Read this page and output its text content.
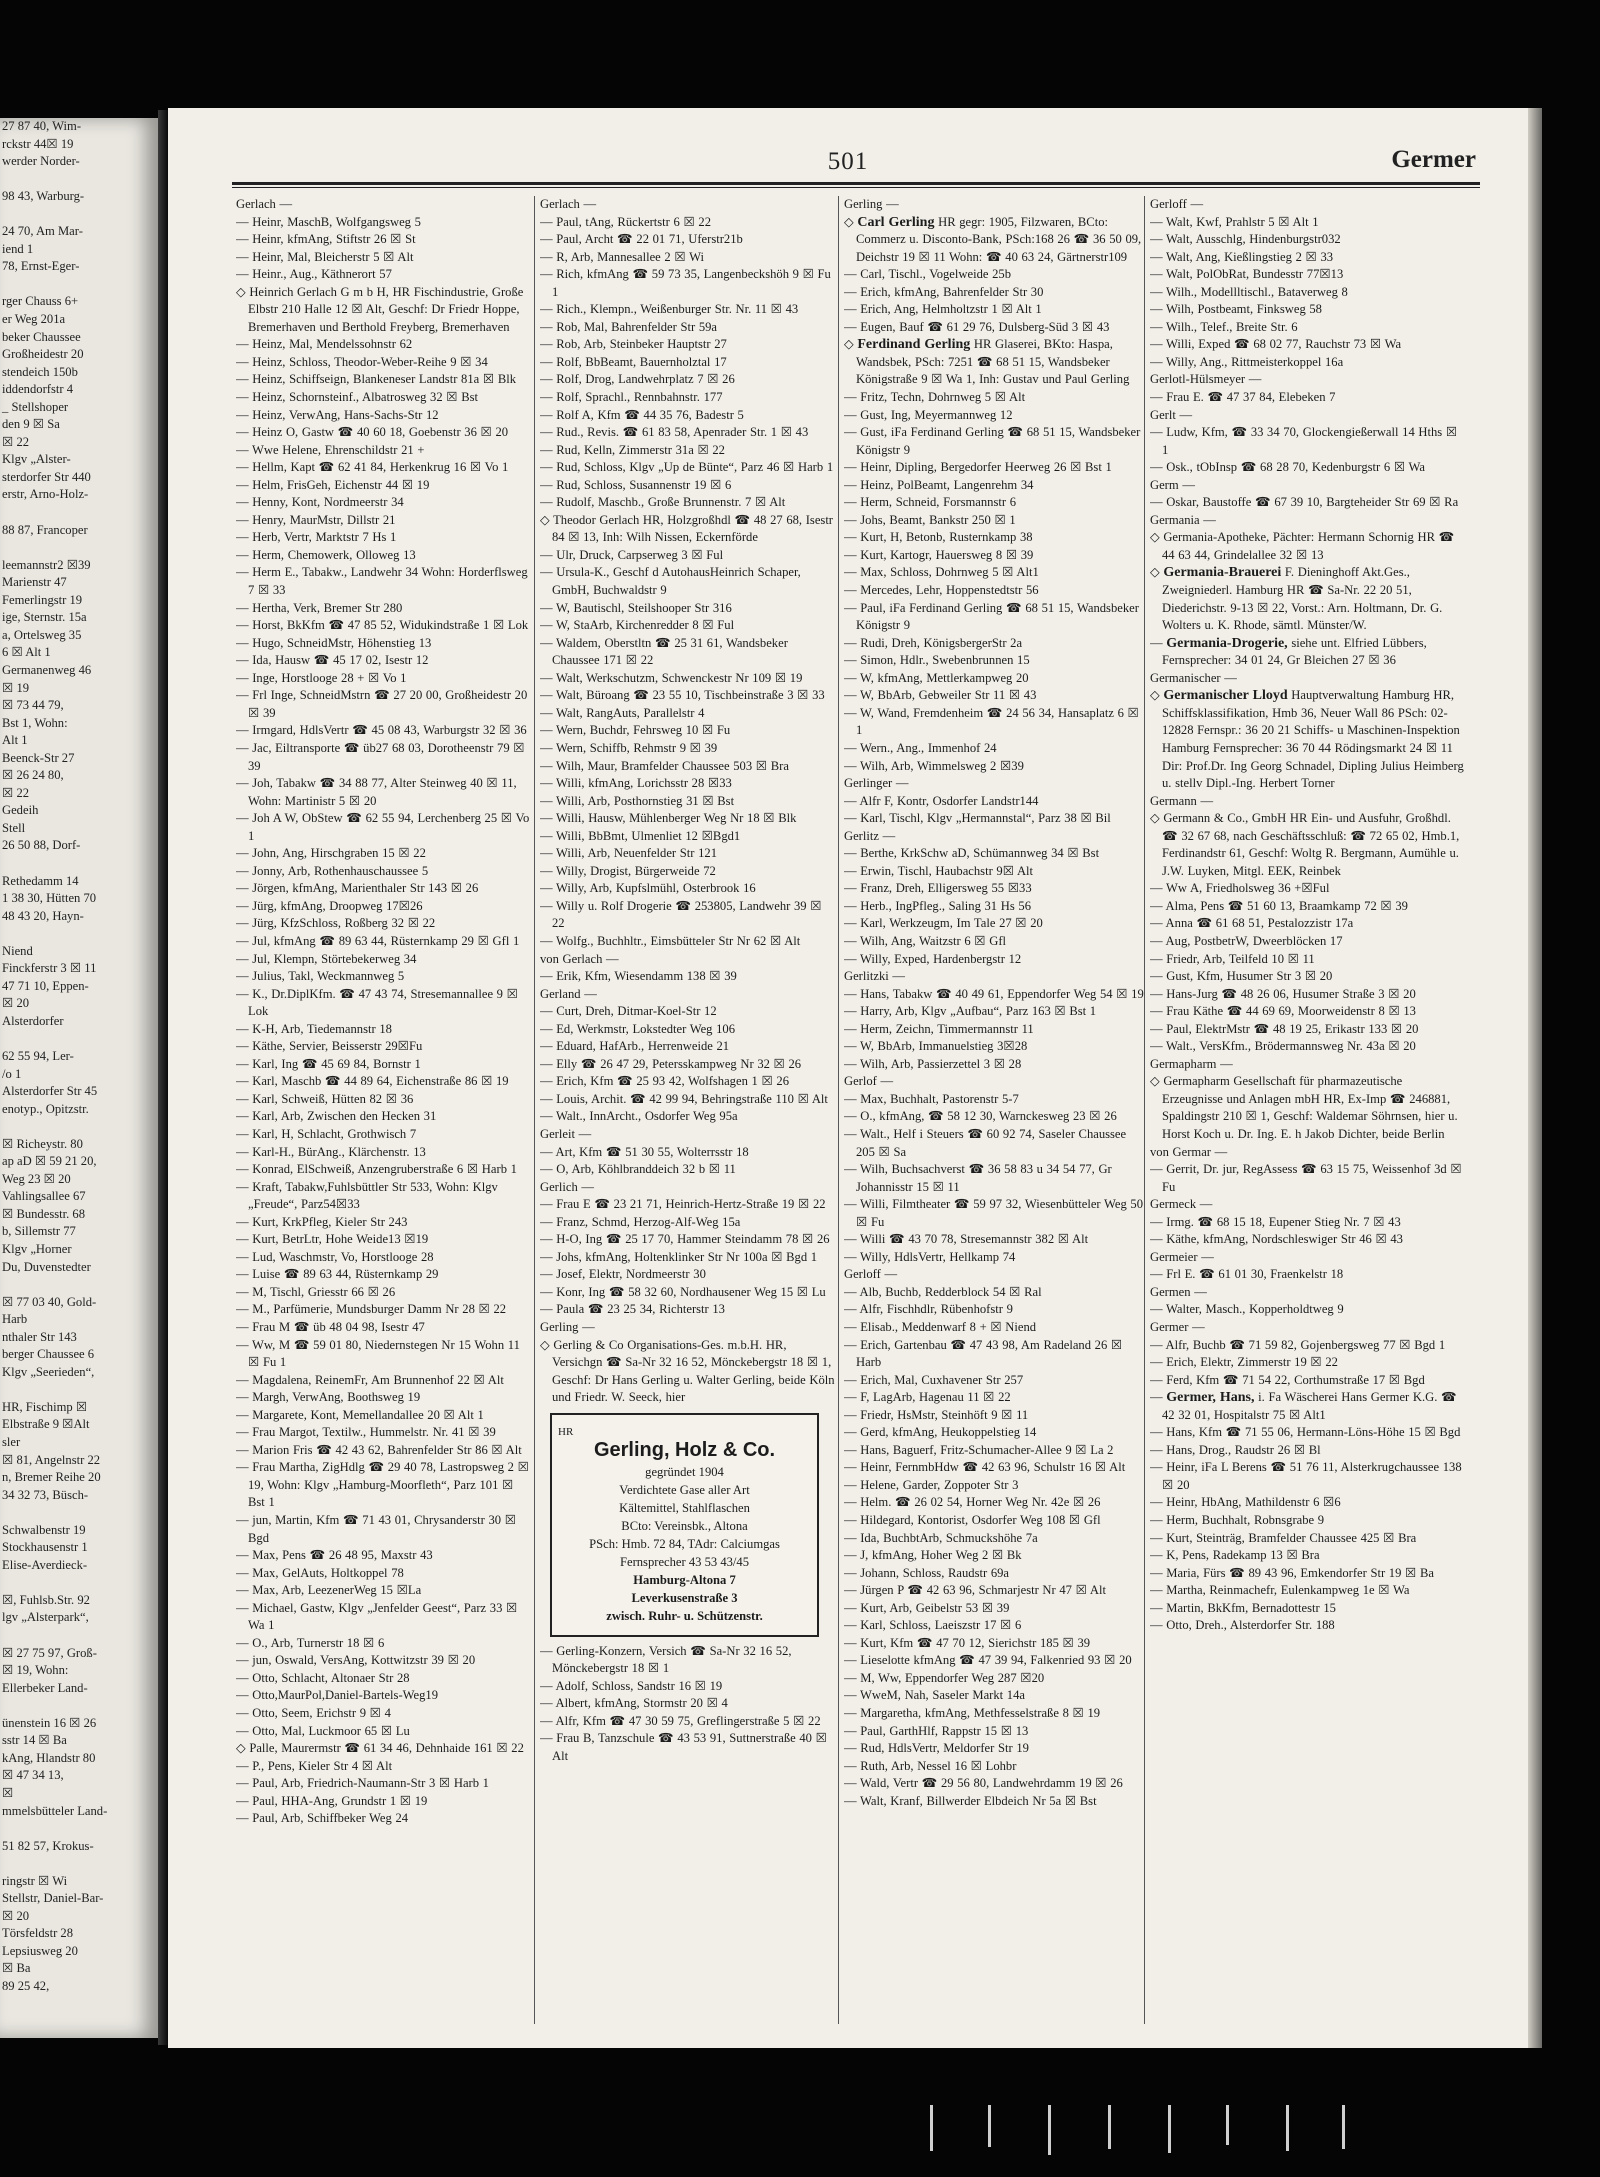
27 87 40, Wim-
rckstr 44☒ 19
werder Norder-

98 43, Warburg-

24 70, Am Mar-
iend 1
78, Ernst-Eger-

rger Chauss 6+
er Weg 201a
beker Chaussee
Großheidestr 20
stendeich 150b
iddendorfstr 4
_ Stellshoper
den 9 ☒ Sa
☒ 22
Klgv „Alster-
sterdorfer Str 440
erstr, Arno-Holz-

88 87, Francoper

leemannstr2 ☒39
Marienstr 47
Femerlingstr 19
ige, Sternstr. 15a
a, Ortelsweg 35
6 ☒ Alt 1
Germanenweg 46
☒ 19
☒ 73 44 79,
Bst 1, Wohn:
Alt 1
Beenck-Str 27
☒ 26 24 80,
☒ 22
Gedeih
Stell
26 50 88, Dorf-

Rethedamm 14
1 38 30, Hütten 70
48 43 20, Hayn-

Niend
Finckferstr 3 ☒ 11
47 71 10, Eppen-
☒ 20
Alsterdorfer

62 55 94, Ler-
/o 1
Alsterdorfer Str 45
enotyp., Opitzstr.

☒ Richeystr. 80
ap aD ☒ 59 21 20,
Weg 23 ☒ 20
Vahlingsallee 67
☒ Bundesstr. 68
b, Sillemstr 77
Klgv „Horner
Du, Duvenstedter

☒ 77 03 40, Gold-
Harb
nthaler Str 143
berger Chaussee 6
Klgv „Seerieden“,

HR, Fischimp ☒
Elbstraße 9 ☒Alt
sler
☒ 81, Angelnstr 22
n, Bremer Reihe 20
34 32 73, Büsch-

Schwalbenstr 19
Stockhausenstr 1
Elise-Averdieck-

☒, Fuhlsb.Str. 92
lgv „Alsterpark“,

☒ 27 75 97, Groß-
☒ 19, Wohn:
Ellerbeker Land-

ünenstein 16 ☒ 26
sstr 14 ☒ Ba
kAng, Hlandstr 80
☒ 47 34 13,
☒
mmelsbütteler Land-

51 82 57, Krokus-

ringstr ☒ Wi
Stellstr, Daniel-Bar-
☒ 20
Törsfeldstr 28
Lepsiusweg 20
☒ Ba
89 25 42,
501	Germer
Gerlach —
— Heinr, MaschB, Wolfgangsweg 5
— Heinr, kfmAng, Stiftstr 26 ☒ St
— Heinr, Mal, Bleicherstr 5 ☒ Alt
— Heinr., Aug., Käthnerort 57
◇ Heinrich Gerlach G m b H, HR Fischindustrie, Große Elbstr 210 Halle 12 ☒ Alt, Geschf: Dr Friedr Hoppe, Bremerhaven und Berthold Freyberg, Bremerhaven
— Heinz, Mal, Mendelssohnstr 62
— Heinz, Schloss, Theodor-Weber-Reihe 9 ☒ 34
— Heinz, Schiffseign, Blankeneser Landstr 81a ☒ Blk
— Heinz, Schornsteinf., Albatrosweg 32 ☒ Bst
— Heinz, VerwAng, Hans-Sachs-Str 12
— Heinz O, Gastw ☎ 40 60 18, Goebenstr 36 ☒ 20
— Wwe Helene, Ehrenschildstr 21 +
— Hellm, Kapt ☎ 62 41 84, Herkenkrug 16 ☒ Vo 1
— Helm, FrisGeh, Eichenstr 44 ☒ 19
— Henny, Kont, Nordmeerstr 34
— Henry, MaurMstr, Dillstr 21
— Herb, Vertr, Marktstr 7 Hs 1
— Herm, Chemowerk, Olloweg 13
— Herm E., Tabakw., Landwehr 34 Wohn: Horderflsweg 7 ☒ 33
— Hertha, Verk, Bremer Str 280
— Horst, BkKfm ☎ 47 85 52, Widukindstraße 1 ☒ Lok
— Hugo, SchneidMstr, Höhenstieg 13
— Ida, Hausw ☎ 45 17 02, Isestr 12
— Inge, Horstlooge 28 + ☒ Vo 1
— Frl Inge, SchneidMstrn ☎ 27 20 00, Großheidestr 20 ☒ 39
— Irmgard, HdlsVertr ☎ 45 08 43, Warburgstr 32 ☒ 36
— Jac, Eiltransporte ☎ üb27 68 03, Dorotheenstr 79 ☒ 39
— Joh, Tabakw ☎ 34 88 77, Alter Steinweg 40 ☒ 11, Wohn: Martinistr 5 ☒ 20
— Joh A W, ObStew ☎ 62 55 94, Lerchenberg 25 ☒ Vo 1
— John, Ang, Hirschgraben 15 ☒ 22
— Jonny, Arb, Rothenhauschaussee 5
— Jörgen, kfmAng, Marienthaler Str 143 ☒ 26
— Jürg, kfmAng, Droopweg 17☒26
— Jürg, KfzSchloss, Roßberg 32 ☒ 22
— Jul, kfmAng ☎ 89 63 44, Rüsternkamp 29 ☒ Gfl 1
— Jul, Klempn, Störtebekerweg 34
— Julius, Takl, Weckmannweg 5
— K., Dr.DiplKfm. ☎ 47 43 74, Stresemannallee 9 ☒ Lok
— K-H, Arb, Tiedemannstr 18
— Käthe, Servier, Beisserstr 29☒Fu
— Karl, Ing ☎ 45 69 84, Bornstr 1
— Karl, Maschb ☎ 44 89 64, Eichenstraße 86 ☒ 19
— Karl, Schweiß, Hütten 82 ☒ 36
— Karl, Arb, Zwischen den Hecken 31
— Karl, H, Schlacht, Grothwisch 7
— Karl-H., BürAng., Klärchenstr. 13
— Konrad, ElSchweiß, Anzengruberstraße 6 ☒ Harb 1
— Kraft, Tabakw,Fuhlsbüttler Str 533, Wohn: Klgv „Freude“, Parz54☒33
— Kurt, KrkPfleg, Kieler Str 243
— Kurt, BetrLtr, Hohe Weide13 ☒19
— Lud, Waschmstr, Vo, Horstlooge 28
— Luise ☎ 89 63 44, Rüsternkamp 29
— M, Tischl, Griesstr 66 ☒ 26
— M., Parfümerie, Mundsburger Damm Nr 28 ☒ 22
— Frau M ☎ üb 48 04 98, Isestr 47
— Ww, M ☎ 59 01 80, Niedernstegen Nr 15 Wohn 11 ☒ Fu 1
— Magdalena, ReinemFr, Am Brunnenhof 22 ☒ Alt
— Margh, VerwAng, Boothsweg 19
— Margarete, Kont, Memellandallee 20 ☒ Alt 1
— Frau Margot, Textilw., Hummelstr. Nr. 41 ☒ 39
— Marion Fris ☎ 42 43 62, Bahrenfelder Str 86 ☒ Alt
— Frau Martha, ZigHdlg ☎ 29 40 78, Lastropsweg 2 ☒ 19, Wohn: Klgv „Hamburg-Moorfleth“, Parz 101 ☒ Bst 1
— jun, Martin, Kfm ☎ 71 43 01, Chrysanderstr 30 ☒ Bgd
— Max, Pens ☎ 26 48 95, Maxstr 43
— Max, GelAuts, Holtkoppel 78
— Max, Arb, LeezenerWeg 15 ☒La
— Michael, Gastw, Klgv „Jenfelder Geest“, Parz 33 ☒ Wa 1
— O., Arb, Turnerstr 18 ☒ 6
— jun, Oswald, VersAng, Kottwitzstr 39 ☒ 20
— Otto, Schlacht, Altonaer Str 28
— Otto,MaurPol,Daniel-Bartels-Weg19
— Otto, Seem, Erichstr 9 ☒ 4
— Otto, Mal, Luckmoor 65 ☒ Lu
◇ Palle, Maurermstr ☎ 61 34 46, Dehnhaide 161 ☒ 22
— P., Pens, Kieler Str 4 ☒ Alt
— Paul, Arb, Friedrich-Naumann-Str 3 ☒ Harb 1
— Paul, HHA-Ang, Grundstr 1 ☒ 19
— Paul, Arb, Schiffbeker Weg 24
Gerlach —
— Paul, tAng, Rückertstr 6 ☒ 22
— Paul, Archt ☎ 22 01 71, Uferstr21b
— R, Arb, Mannesallee 2 ☒ Wi
— Rich, kfmAng ☎ 59 73 35, Langenbeckshöh 9 ☒ Fu 1
— Rich., Klempn., Weißenburger Str. Nr. 11 ☒ 43
— Rob, Mal, Bahrenfelder Str 59a
— Rob, Arb, Steinbeker Hauptstr 27
— Rolf, BbBeamt, Bauernholztal 17
— Rolf, Drog, Landwehrplatz 7 ☒ 26
— Rolf, Sprachl., Rennbahnstr. 177
— Rolf A, Kfm ☎ 44 35 76, Badestr 5
— Rud., Revis. ☎ 61 83 58, Apenrader Str. 1 ☒ 43
— Rud, Kelln, Zimmerstr 31a ☒ 22
— Rud, Schloss, Klgv „Up de Bünte“, Parz 46 ☒ Harb 1
— Rud, Schloss, Susannenstr 19 ☒ 6
— Rudolf, Maschb., Große Brunnenstr. 7 ☒ Alt
◇ Theodor Gerlach HR, Holzgroßhdl ☎ 48 27 68, Isestr 84 ☒ 13, Inh: Wilh Nissen, Eckernförde
— Ulr, Druck, Carpserweg 3 ☒ Ful
— Ursula-K., Geschf d AutohausHeinrich Schaper, GmbH, Buchwaldstr 9
— W, Bautischl, Steilshooper Str 316
— W, StaArb, Kirchenredder 8 ☒ Ful
— Waldem, Oberstltn ☎ 25 31 61, Wandsbeker Chaussee 171 ☒ 22
— Walt, Werkschutzm, Schwenckestr Nr 109 ☒ 19
— Walt, Büroang ☎ 23 55 10, Tischbeinstraße 3 ☒ 33
— Walt, RangAuts, Parallelstr 4
— Wern, Buchdr, Fehrsweg 10 ☒ Fu
— Wern, Schiffb, Rehmstr 9 ☒ 39
— Wilh, Maur, Bramfelder Chaussee 503 ☒ Bra
— Willi, kfmAng, Lorichsstr 28 ☒33
— Willi, Arb, Posthornstieg 31 ☒ Bst
— Willi, Hausw, Mühlenberger Weg Nr 18 ☒ Blk
— Willi, BbBmt, Ulmenliet 12 ☒Bgd1
— Willi, Arb, Neuenfelder Str 121
— Willy, Drogist, Bürgerweide 72
— Willy, Arb, Kupfslmühl, Osterbrook 16
— Willy u. Rolf Drogerie ☎ 253805, Landwehr 39 ☒ 22
— Wolfg., Buchhltr., Eimsbütteler Str Nr 62 ☒ Alt
von Gerlach —
— Erik, Kfm, Wiesendamm 138 ☒ 39
Gerland —
— Curt, Dreh, Ditmar-Koel-Str 12
— Ed, Werkmstr, Lokstedter Weg 106
— Eduard, HafArb., Herrenweide 21
— Elly ☎ 26 47 29, Petersskampweg Nr 32 ☒ 26
— Erich, Kfm ☎ 25 93 42, Wolfshagen 1 ☒ 26
— Louis, Archit. ☎ 42 99 94, Behringstraße 110 ☒ Alt
— Walt., InnArcht., Osdorfer Weg 95a
Gerleit —
— Art, Kfm ☎ 51 30 55, Wolterrsstr 18
— O, Arb, Köhlbranddeich 32 b ☒ 11
Gerlich —
— Frau E ☎ 23 21 71, Heinrich-Hertz-Straße 19 ☒ 22
— Franz, Schmd, Herzog-Alf-Weg 15a
— H-O, Ing ☎ 25 17 70, Hammer Steindamm 78 ☒ 26
— Johs, kfmAng, Holtenklinker Str Nr 100a ☒ Bgd 1
— Josef, Elektr, Nordmeerstr 30
— Konr, Ing ☎ 58 32 60, Nordhausener Weg 15 ☒ Lu
— Paula ☎ 23 25 34, Richterstr 13
Gerling —
◇ Gerling & Co Organisations-Ges. m.b.H. HR, Versichgn ☎ Sa-Nr 32 16 52, Mönckebergstr 18 ☒ 1, Geschf: Dr Hans Gerling u. Walter Gerling, beide Köln und Friedr. W. Seeck, hier
HR
Gerling, Holz & Co.
gegründet 1904
Verdichtete Gase aller Art
Kältemittel, Stahlflaschen
BCto: Vereinsbk., Altona
PSch: Hmb. 72 84, TAdr: Calciumgas
Fernsprecher 43 53 43/45
Hamburg-Altona 7
Leverkusenstraße 3
zwisch. Ruhr- u. Schützenstr.
— Gerling-Konzern, Versich ☎ Sa-Nr 32 16 52, Mönckebergstr 18 ☒ 1
— Adolf, Schloss, Sandstr 16 ☒ 19
— Albert, kfmAng, Stormstr 20 ☒ 4
— Alfr, Kfm ☎ 47 30 59 75, Greflingerstraße 5 ☒ 22
— Frau B, Tanzschule ☎ 43 53 91, Suttnerstraße 40 ☒ Alt
Gerling —
◇ Carl Gerling HR gegr: 1905, Filzwaren, BCto: Commerz u. Disconto-Bank, PSch:168 26 ☎ 36 50 09, Deichstr 19 ☒ 11 Wohn: ☎ 40 63 24, Gärtnerstr109
— Carl, Tischl., Vogelweide 25b
— Erich, kfmAng, Bahrenfelder Str 30
— Erich, Ang, Helmholtzstr 1 ☒ Alt 1
— Eugen, Bauf ☎ 61 29 76, Dulsberg-Süd 3 ☒ 43
◇ Ferdinand Gerling HR Glaserei, BKto: Haspa, Wandsbek, PSch: 7251 ☎ 68 51 15, Wandsbeker Königstraße 9 ☒ Wa 1, Inh: Gustav und Paul Gerling
— Fritz, Techn, Dohrnweg 5 ☒ Alt
— Gust, Ing, Meyermannweg 12
— Gust, iFa Ferdinand Gerling ☎ 68 51 15, Wandsbeker Königstr 9
— Heinr, Dipling, Bergedorfer Heerweg 26 ☒ Bst 1
— Heinz, PolBeamt, Langenrehm 34
— Herm, Schneid, Forsmannstr 6
— Johs, Beamt, Bankstr 250 ☒ 1
— Kurt, H, Betonb, Rusternkamp 38
— Kurt, Kartogr, Hauersweg 8 ☒ 39
— Max, Schloss, Dohrnweg 5 ☒ Alt1
— Mercedes, Lehr, Hoppenstedtstr 56
— Paul, iFa Ferdinand Gerling ☎ 68 51 15, Wandsbeker Königstr 9
— Rudi, Dreh, KönigsbergerStr 2a
— Simon, Hdlr., Swebenbrunnen 15
— W, kfmAng, Mettlerkampweg 20
— W, BbArb, Gebweiler Str 11 ☒ 43
— W, Wand, Fremdenheim ☎ 24 56 34, Hansaplatz 6 ☒ 1
— Wern., Ang., Immenhof 24
— Wilh, Arb, Wimmelsweg 2 ☒39
Gerlinger —
— Alfr F, Kontr, Osdorfer Landstr144
— Karl, Tischl, Klgv „Hermannstal“, Parz 38 ☒ Bil
Gerlitz —
— Berthe, KrkSchw aD, Schümannweg 34 ☒ Bst
— Erwin, Tischl, Haubachstr 9☒ Alt
— Franz, Dreh, Elligersweg 55 ☒33
— Herb., IngPfleg., Saling 31 Hs 56
— Karl, Werkzeugm, Im Tale 27 ☒ 20
— Wilh, Ang, Waitzstr 6 ☒ Gfl
— Willy, Exped, Hardenbergstr 12
Gerlitzki —
— Hans, Tabakw ☎ 40 49 61, Eppendorfer Weg 54 ☒ 19
— Harry, Arb, Klgv „Aufbau“, Parz 163 ☒ Bst 1
— Herm, Zeichn, Timmermannstr 11
— W, BbArb, Immanuelstieg 3☒28
— Wilh, Arb, Passierzettel 3 ☒ 28
Gerlof —
— Max, Buchhalt, Pastorenstr 5-7
— O., kfmAng, ☎ 58 12 30, Warnckesweg 23 ☒ 26
— Walt., Helf i Steuers ☎ 60 92 74, Saseler Chaussee 205 ☒ Sa
— Wilh, Buchsachverst ☎ 36 58 83 u 34 54 77, Gr Johannisstr 15 ☒ 11
— Willi, Filmtheater ☎ 59 97 32, Wiesenbütteler Weg 50 ☒ Fu
— Willi ☎ 43 70 78, Stresemannstr 382 ☒ Alt
— Willy, HdlsVertr, Hellkamp 74
Gerloff —
— Alb, Buchb, Redderblock 54 ☒ Ral
— Alfr, Fischhdlr, Rübenhofstr 9
— Elisab., Meddenwarf 8 + ☒ Niend
— Erich, Gartenbau ☎ 47 43 98, Am Radeland 26 ☒ Harb
— Erich, Mal, Cuxhavener Str 257
— F, LagArb, Hagenau 11 ☒ 22
— Friedr, HsMstr, Steinhöft 9 ☒ 11
— Gerd, kfmAng, Heukoppelstieg 14
— Hans, Baguerf, Fritz-Schumacher-Allee 9 ☒ La 2
— Heinr, FernmbHdw ☎ 42 63 96, Schulstr 16 ☒ Alt
— Helene, Garder, Zoppoter Str 3
— Helm. ☎ 26 02 54, Horner Weg Nr. 42e ☒ 26
— Hildegard, Kontorist, Osdorfer Weg 108 ☒ Gfl
— Ida, BuchbtArb, Schmuckshöhe 7a
— J, kfmAng, Hoher Weg 2 ☒ Bk
— Johann, Schloss, Raudstr 69a
— Jürgen P ☎ 42 63 96, Schmarjestr Nr 47 ☒ Alt
— Kurt, Arb, Geibelstr 53 ☒ 39
— Karl, Schloss, Laeiszstr 17 ☒ 6
— Kurt, Kfm ☎ 47 70 12, Sierichstr 185 ☒ 39
— Lieselotte kfmAng ☎ 47 39 94, Falkenried 93 ☒ 20
— M, Ww, Eppendorfer Weg 287 ☒20
— WweM, Nah, Saseler Markt 14a
— Margaretha, kfmAng, Methfesselstraße 8 ☒ 19
— Paul, GarthHlf, Rappstr 15 ☒ 13
— Rud, HdlsVertr, Meldorfer Str 19
— Ruth, Arb, Nessel 16 ☒ Lohbr
— Wald, Vertr ☎ 29 56 80, Landwehrdamm 19 ☒ 26
— Walt, Kranf, Billwerder Elbdeich Nr 5a ☒ Bst
Gerloff —
— Walt, Kwf, Prahlstr 5 ☒ Alt 1
— Walt, Ausschlg, Hindenburgstr032
— Walt, Ang, Kießlingstieg 2 ☒ 33
— Walt, PolObRat, Bundesstr 77☒13
— Wilh., Modellltischl., Bataverweg 8
— Wilh, Postbeamt, Finksweg 58
— Wilh., Telef., Breite Str. 6
— Willi, Exped ☎ 68 02 77, Rauchstr 73 ☒ Wa
— Willy, Ang., Rittmeisterkoppel 16a
Gerlotl-Hülsmeyer —
— Frau E. ☎ 47 37 84, Elebeken 7
Gerlt —
— Ludw, Kfm, ☎ 33 34 70, Glockengießerwall 14 Hths ☒ 1
— Osk., tObInsp ☎ 68 28 70, Kedenburgstr 6 ☒ Wa
Germ —
— Oskar, Baustoffe ☎ 67 39 10, Bargteheider Str 69 ☒ Ra
Germania —
◇ Germania-Apotheke, Pächter: Hermann Schornig HR ☎ 44 63 44, Grindelallee 32 ☒ 13
◇ Germania-Brauerei F. Dieninghoff Akt.Ges., Zweigniederl. Hamburg HR ☎ Sa-Nr. 22 20 51, Diederichstr. 9-13 ☒ 22, Vorst.: Arn. Holtmann, Dr. G. Wolters u. K. Rhode, sämtl. Münster/W.
— Germania-Drogerie, siehe unt. Elfried Lübbers, Fernsprecher: 34 01 24, Gr Bleichen 27 ☒ 36
Germanischer —
◇ Germanischer Lloyd Hauptverwaltung Hamburg HR, Schiffsklassifikation, Hmb 36, Neuer Wall 86 PSch: 02-12828 Fernspr.: 36 20 21 Schiffs- u Maschinen-Inspektion Hamburg Fernsprecher: 36 70 44 Rödingsmarkt 24 ☒ 11 Dir: Prof.Dr. Ing Georg Schnadel, Dipling Julius Heimberg u. stellv Dipl.-Ing. Herbert Torner
Germann —
◇ Germann & Co., GmbH HR Ein- und Ausfuhr, Großhdl. ☎ 32 67 68, nach Geschäftsschluß: ☎ 72 65 02, Hmb.1, Ferdinandstr 61, Geschf: Woltg R. Bergmann, Aumühle u. J.W. Luyken, Mitgl. EEK, Reinbek
— Ww A, Friedholsweg 36 +☒Ful
— Alma, Pens ☎ 51 60 13, Braamkamp 72 ☒ 39
— Anna ☎ 61 68 51, Pestalozzistr 17a
— Aug, PostbetrW, Dweerblöcken 17
— Friedr, Arb, Teilfeld 10 ☒ 11
— Gust, Kfm, Husumer Str 3 ☒ 20
— Hans-Jurg ☎ 48 26 06, Husumer Straße 3 ☒ 20
— Frau Käthe ☎ 44 69 69, Moorweidenstr 8 ☒ 13
— Paul, ElektrMstr ☎ 48 19 25, Erikastr 133 ☒ 20
— Walt., VersKfm., Brödermannsweg Nr. 43a ☒ 20
Germapharm —
◇ Germapharm Gesellschaft für pharmazeutische Erzeugnisse und Anlagen mbH HR, Ex-Imp ☎ 246881, Spaldingstr 210 ☒ 1, Geschf: Waldemar Söhrnsen, hier u. Horst Koch u. Dr. Ing. E. h Jakob Dichter, beide Berlin
von Germar —
— Gerrit, Dr. jur, RegAssess ☎ 63 15 75, Weissenhof 3d ☒ Fu
Germeck —
— Irmg. ☎ 68 15 18, Eupener Stieg Nr. 7 ☒ 43
— Käthe, kfmAng, Nordschleswiger Str 46 ☒ 43
Germeier —
— Frl E. ☎ 61 01 30, Fraenkelstr 18
Germen —
— Walter, Masch., Kopperholdtweg 9
Germer —
— Alfr, Buchb ☎ 71 59 82, Gojenbergsweg 77 ☒ Bgd 1
— Erich, Elektr, Zimmerstr 19 ☒ 22
— Ferd, Kfm ☎ 71 54 22, Corthumstraße 17 ☒ Bgd
— Germer, Hans, i. Fa Wäscherei Hans Germer K.G. ☎ 42 32 01, Hospitalstr 75 ☒ Alt1
— Hans, Kfm ☎ 71 55 06, Hermann-Löns-Höhe 15 ☒ Bgd
— Hans, Drog., Raudstr 26 ☒ Bl
— Heinr, iFa L Berens ☎ 51 76 11, Alsterkrugchaussee 138 ☒ 20
— Heinr, HbAng, Mathildenstr 6 ☒6
— Herm, Buchhalt, Robnsgrabe 9
— Kurt, Steinträg, Bramfelder Chaussee 425 ☒ Bra
— K, Pens, Radekamp 13 ☒ Bra
— Maria, Fürs ☎ 89 43 96, Emkendorfer Str 19 ☒ Ba
— Martha, Reinmachefr, Eulenkampweg 1e ☒ Wa
— Martin, BkKfm, Bernadottestr 15
— Otto, Dreh., Alsterdorfer Str. 188
